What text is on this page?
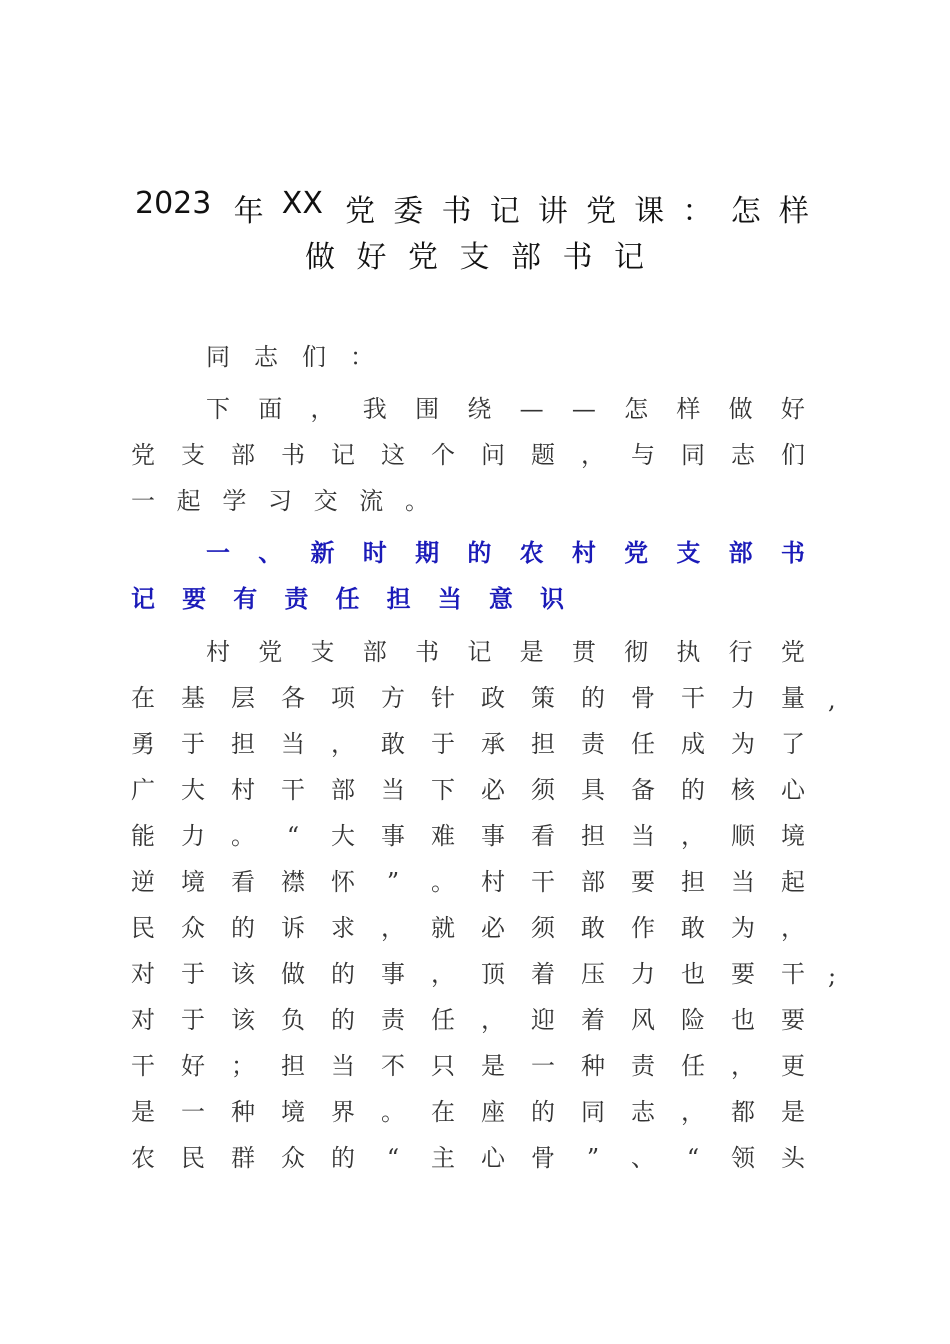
2023 年 XX 党 委 书 记 讲 党 课 ： 怎 样
做 好 党 支 部 书 记
同 志 们 ：
下 面 ， 我 围 绕 — — 怎 样 做 好
党 支 部 书 记 这 个 问 题 ， 与 同 志 们
一 起 学 习 交 流 。
一 、 新 时 期 的 农 村 党 支 部 书
记 要 有 责 任 担 当 意 识
村 党 支 部 书 记 是 贯 彻 执 行 党
在 基 层 各 项 方 针 政 策 的 骨 干 力 量
勇 于 担 当 ， 敢 于 承 担 责 任 成 为 了
广 大 村 干 部 当 下 必 须 具 备 的 核 心
能 力 。 “ 大 事 难 事 看 担 当 ， 顺 境
逆 境 看 襟 怀 ” 。 村 干 部 要 担 当 起
民 众 的 诉 求 ， 就 必 须 敢 作 敢 为 ，
对 于 该 做 的 事 ， 顶 着 压 力 也 要 干
对 于 该 负 的 责 任 ， 迎 着 风 险 也 要
干 好 ； 担 当 不 只 是 一 种 责 任 ， 更
是 一 种 境 界 。 在 座 的 同 志 ， 都 是
农 民 群 众 的 “ 主 心 骨 ” 、 “ 领 头
,
;
